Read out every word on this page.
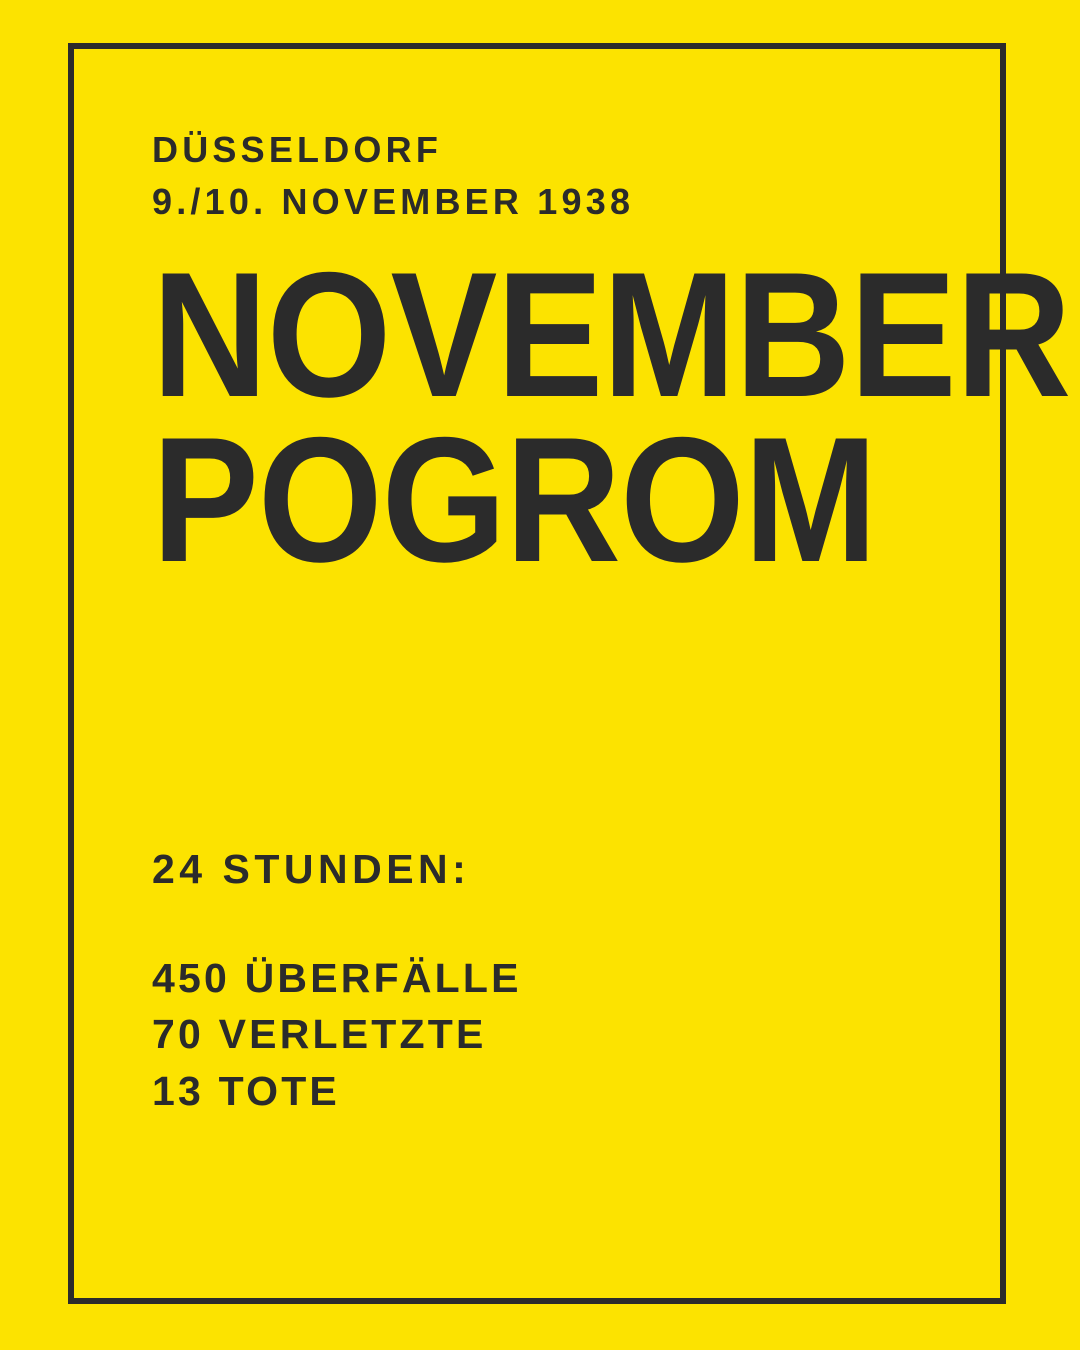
DÜSSELDORF
9./10. NOVEMBER 1938
NOVEMBER
POGROM
24 STUNDEN:
450 ÜBERFÄLLE
70 VERLETZTE
13 TOTE
